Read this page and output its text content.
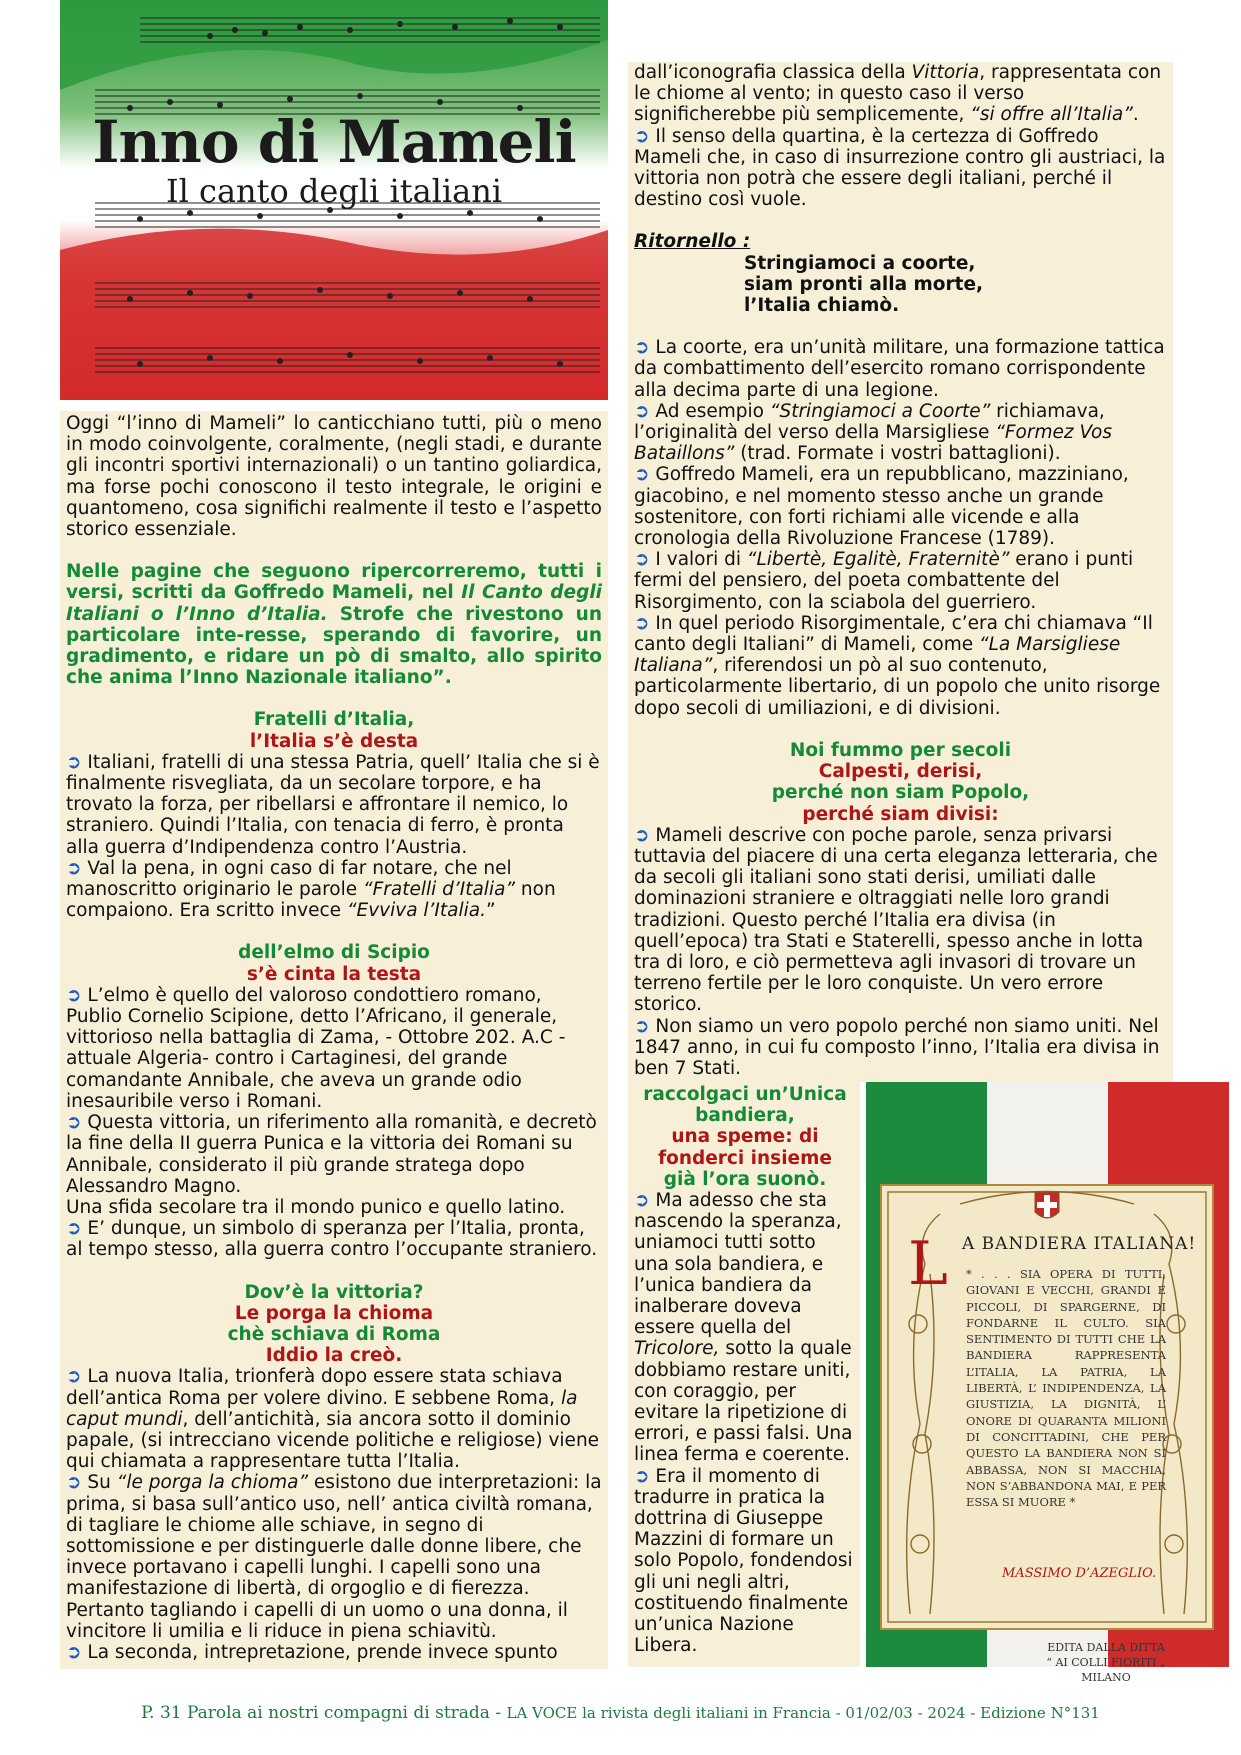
Inno di Mameli
Il canto degli italiani

Oggi “l’inno di Mameli” lo canticchiano tutti, più o meno in modo coinvolgente, coralmente, (negli stadi, e durante gli incontri sportivi internazionali) o un tantino goliardica, ma forse pochi conoscono il testo integrale, le origini e quantomeno, cosa significhi realmente il testo e l’aspetto storico essenziale.

Nelle pagine che seguono ripercorreremo, tutti i versi, scritti da Goffredo Mameli, nel Il Canto degli Italiani o l’Inno d’Italia. Strofe che rivestono un particolare inte-resse, sperando di favorire, un gradimento, e ridare un pò di smalto, allo spirito che anima l’Inno Nazionale italiano”.

Fratelli d’Italia,

l’Italia s’è desta

➲ Italiani, fratelli di una stessa Patria, quell’ Italia che si è finalmente risvegliata, da un secolare torpore, e ha trovato la forza, per ribellarsi e affrontare il nemico, lo straniero. Quindi l’Italia, con tenacia di ferro, è pronta alla guerra d’Indipendenza contro l’Austria.

➲ Val la pena, in ogni caso di far notare, che nel manoscritto originario le parole “Fratelli d’Italia” non compaiono. Era scritto invece “Evviva l’Italia.”

dell’elmo di Scipio

s’è cinta la testa

➲ L’elmo è quello del valoroso condottiero romano, Publio Cornelio Scipione, detto l’Africano, il generale, vittorioso nella battaglia di Zama, - Ottobre 202. A.C - attuale Algeria- contro i Cartaginesi, del grande comandante Annibale, che aveva un grande odio inesauribile verso i Romani.

➲ Questa vittoria, un riferimento alla romanità, e decretò la fine della II guerra Punica e la vittoria dei Romani su Annibale, considerato il più grande stratega dopo Alessandro Magno.

Una sfida secolare tra il mondo punico e quello latino.

➲ E’ dunque, un simbolo di speranza per l’Italia, pronta, al tempo stesso, alla guerra contro l’occupante straniero.

Dov’è la vittoria?

Le porga la chioma

chè schiava di Roma

Iddio la creò.

➲ La nuova Italia, trionferà dopo essere stata schiava dell’antica Roma per volere divino. E sebbene Roma, la caput mundi, dell’antichità, sia ancora sotto il dominio papale, (si intrecciano vicende politiche e religiose) viene qui chiamata a rappresentare tutta l’Italia.

➲ Su “le porga la chioma” esistono due interpretazioni: la prima, si basa sull’antico uso, nell’ antica civiltà romana, di tagliare le chiome alle schiave, in segno di sottomissione e per distinguerle dalle donne libere, che invece portavano i capelli lunghi. I capelli sono una manifestazione di libertà, di orgoglio e di fierezza. Pertanto tagliando i capelli di un uomo o una donna, il vincitore li umilia e li riduce in piena schiavitù.

➲ La seconda, intrepretazione, prende invece spunto

dall’iconografia classica della Vittoria, rappresentata con le chiome al vento; in questo caso il verso significherebbe più semplicemente, “si offre all’Italia”.

➲ Il senso della quartina, è la certezza di Goffredo Mameli che, in caso di insurrezione contro gli austriaci, la vittoria non potrà che essere degli italiani, perché il destino così vuole.

Ritornello :

Stringiamoci a coorte,

siam pronti alla morte,

l’Italia chiamò.

➲ La coorte, era un’unità militare, una formazione tattica da combattimento dell’esercito romano corrispondente alla decima parte di una legione.

➲ Ad esempio “Stringiamoci a Coorte” richiamava, l’originalità del verso della Marsigliese “Formez Vos Bataillons” (trad. Formate i vostri battaglioni).

➲ Goffredo Mameli, era un repubblicano, mazziniano, giacobino, e nel momento stesso anche un grande sostenitore, con forti richiami alle vicende e alla cronologia della Rivoluzione Francese (1789).

➲ I valori di “Libertè, Egalitè, Fraternitè” erano i punti fermi del pensiero, del poeta combattente del Risorgimento, con la sciabola del guerriero.

➲ In quel periodo Risorgimentale, c’era chi chiamava “Il canto degli Italiani” di Mameli, come “La Marsigliese Italiana”, riferendosi un pò al suo contenuto, particolarmente libertario, di un popolo che unito risorge dopo secoli di umiliazioni, e di divisioni.

Noi fummo per secoli

Calpesti, derisi,

perché non siam Popolo,

perché siam divisi:

➲ Mameli descrive con poche parole, senza privarsi tuttavia del piacere di una certa eleganza letteraria, che da secoli gli italiani sono stati derisi, umiliati dalle dominazioni straniere e oltraggiati nelle loro grandi tradizioni. Questo perché l’Italia era divisa (in quell’epoca) tra Stati e Staterelli, spesso anche in lotta tra di loro, e ciò permetteva agli invasori di trovare un terreno fertile per le loro conquiste. Un vero errore storico.

➲ Non siamo un vero popolo perché non siamo uniti. Nel 1847 anno, in cui fu composto l’inno, l’Italia era divisa in ben 7 Stati.

raccolgaci un’Unica

bandiera,

una speme: di

fonderci insieme

già l’ora suonò.

➲ Ma adesso che sta nascendo la speranza, uniamoci tutti sotto una sola bandiera, e l’unica bandiera da inalberare doveva essere quella del Tricolore, sotto la quale dobbiamo restare uniti, con coraggio, per evitare la ripetizione di errori, e passi falsi. Una linea ferma e coerente.

➲ Era il momento di tradurre in pratica la dottrina di Giuseppe Mazzini di formare un solo Popolo, fondendosi gli uni negli altri, costituendo finalmente un’unica Nazione Libera.

L A BANDIERA ITALIANA!
* . . . SIA OPERA DI TUTTI, GIOVANI E VECCHI, GRANDI E PICCOLI, DI SPARGERNE, DI FONDARNE IL CULTO. SIA SENTIMENTO DI TUTTI CHE LA BANDIERA RAPPRESENTA L’ITALIA, LA PATRIA, LA LIBERTÀ, L’ INDIPENDENZA, LA GIUSTIZIA, LA DIGNITÀ, L’ ONORE DI QUARANTA MILIONI DI CONCITTADINI, CHE PER QUESTO LA BANDIERA NON SI ABBASSA, NON SI MACCHIA, NON S’ABBANDONA MAI, E PER ESSA SI MUORE *
MASSIMO D’AZEGLIO.
EDITA DALLA DITTA
“ AI COLLI FIORITI „
MILANO
P. 31 Parola ai nostri compagni di strada - LA VOCE la rivista degli italiani in Francia - 01/02/03 - 2024 - Edizione N°131
